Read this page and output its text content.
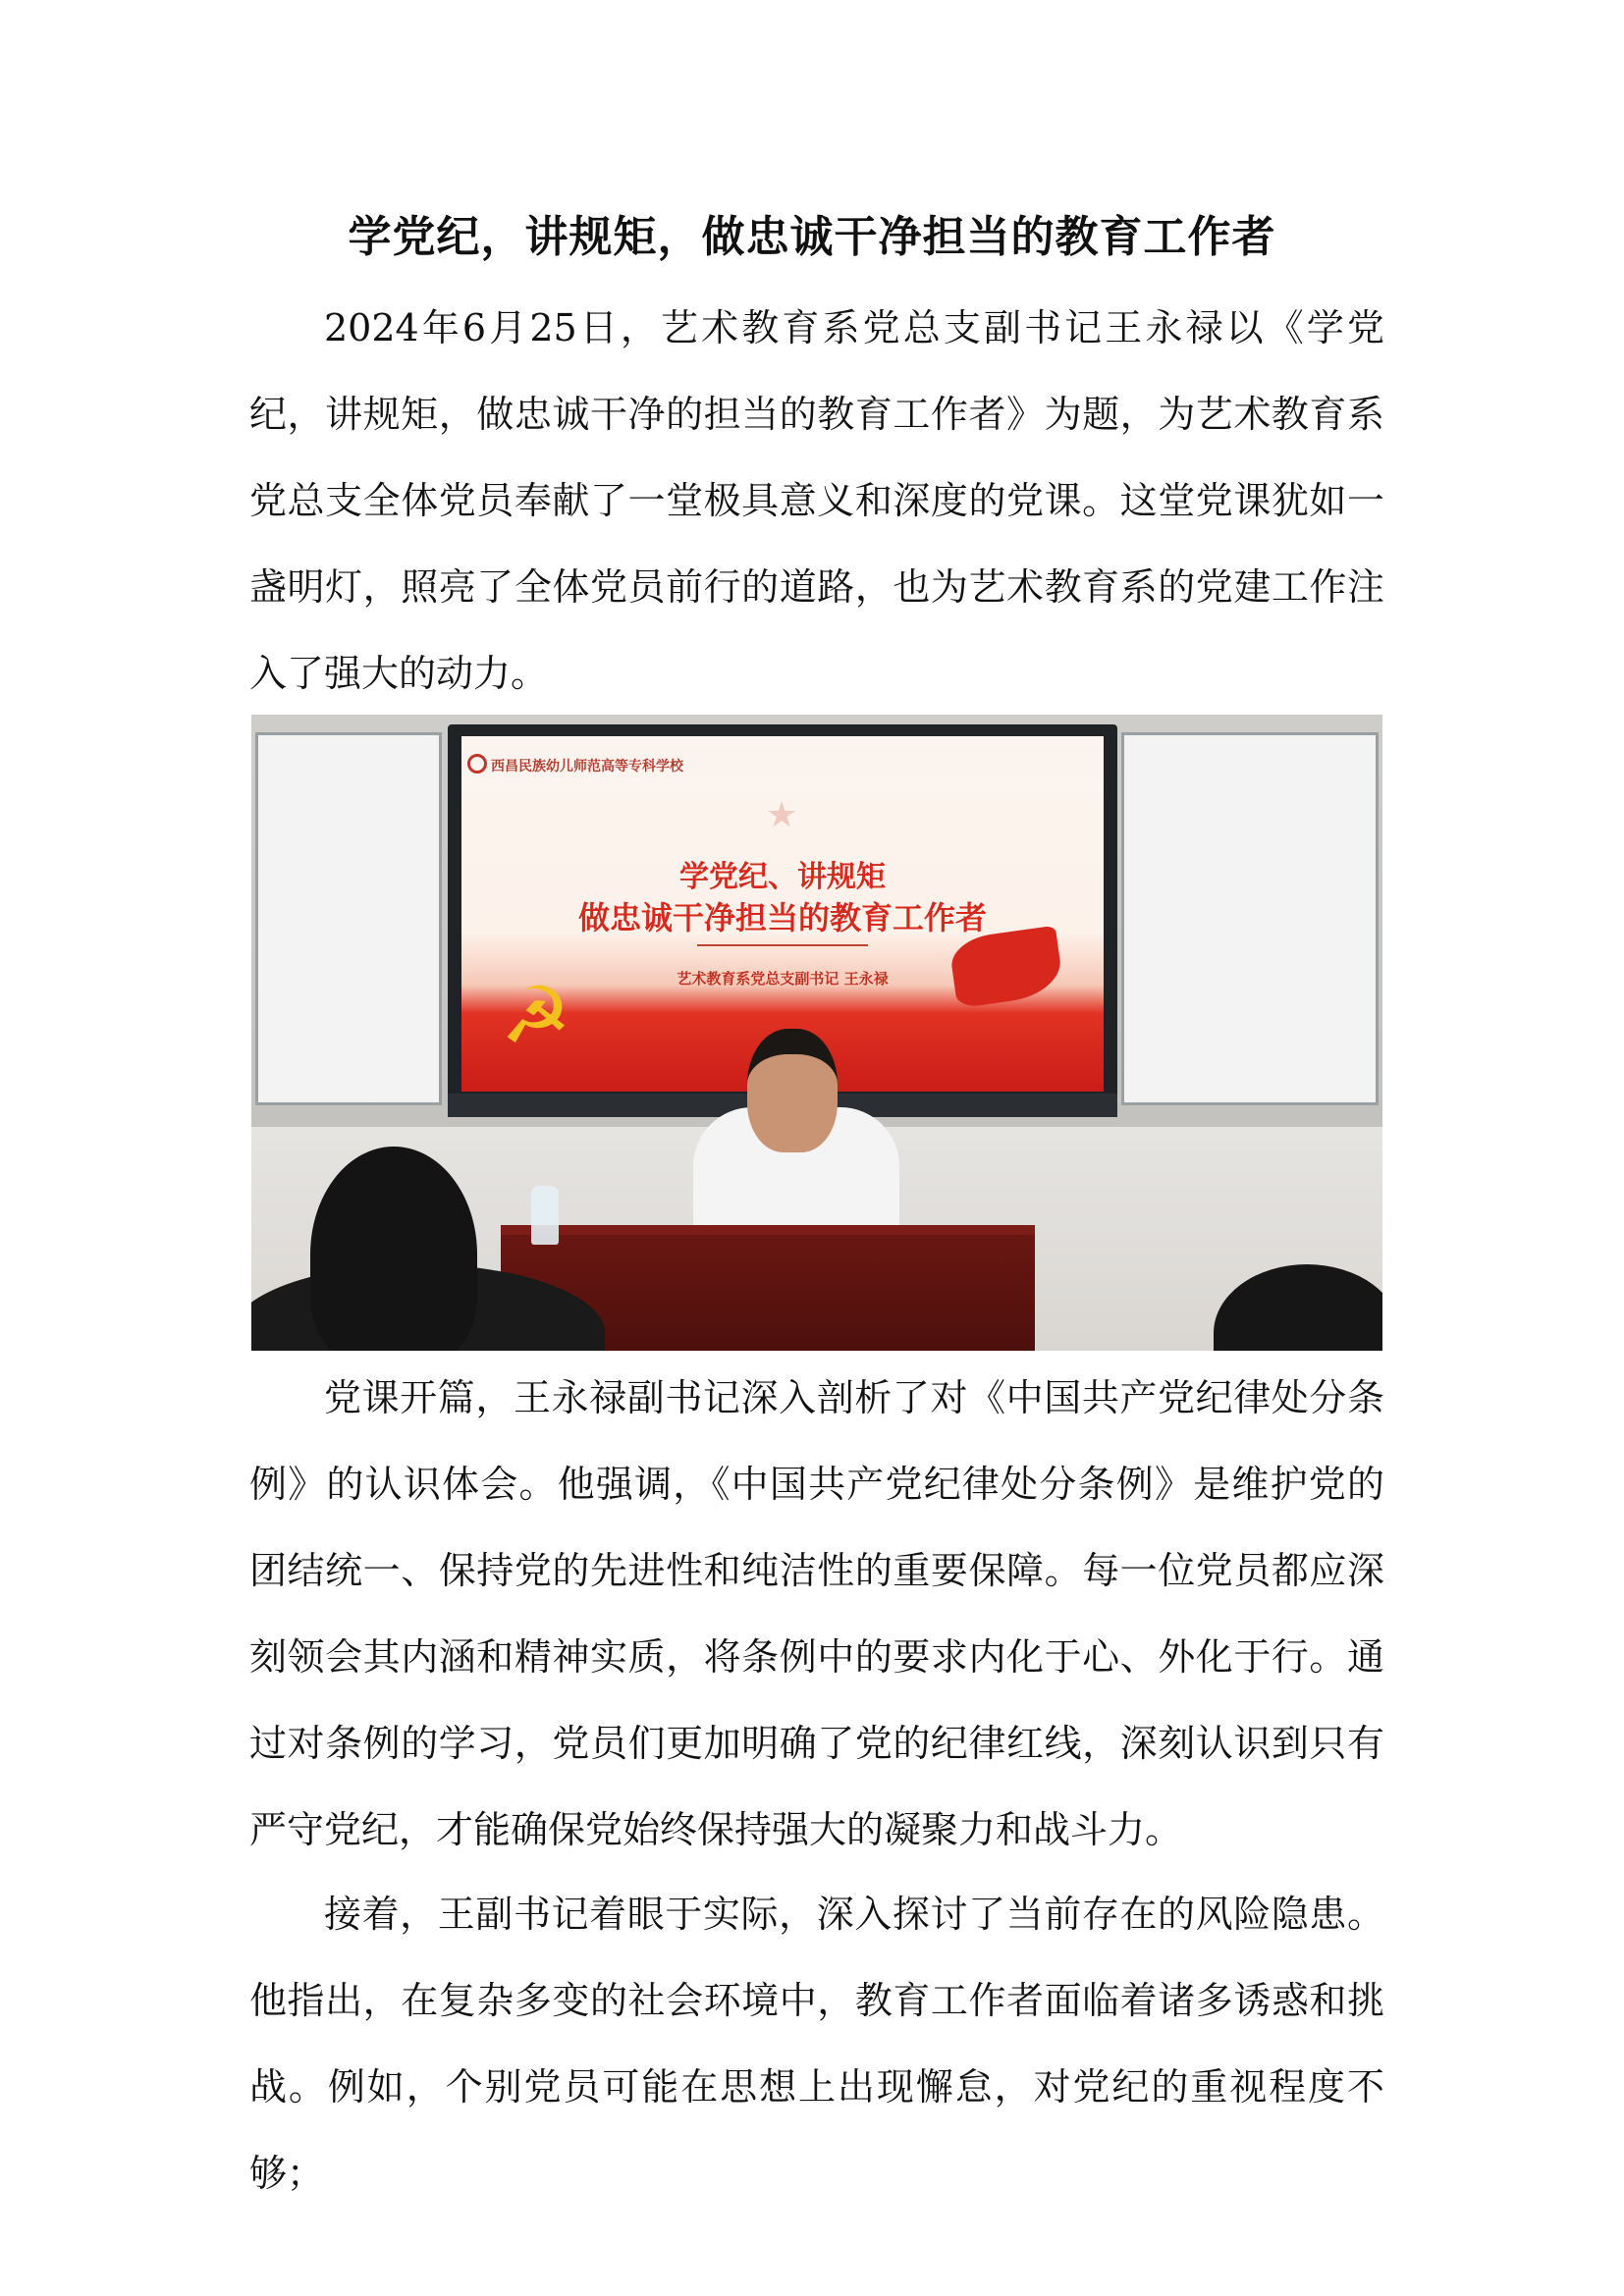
学党纪，讲规矩，做忠诚干净担当的教育工作者

2024年6月25日，艺术教育系党总支副书记王永禄以《学党纪，讲规矩，做忠诚干净的担当的教育工作者》为题，为艺术教育系党总支全体党员奉献了一堂极具意义和深度的党课。这堂党课犹如一盏明灯，照亮了全体党员前行的道路，也为艺术教育系的党建工作注入了强大的动力。

西昌民族幼儿师范高等专科学校
★
学党纪、讲规矩
做忠诚干净担当的教育工作者
艺术教育系党总支副书记 王永禄
☭

党课开篇，王永禄副书记深入剖析了对《中国共产党纪律处分条例》的认识体会。他强调，《中国共产党纪律处分条例》是维护党的团结统一、保持党的先进性和纯洁性的重要保障。每一位党员都应深刻领会其内涵和精神实质，将条例中的要求内化于心、外化于行。通过对条例的学习，党员们更加明确了党的纪律红线，深刻认识到只有严守党纪，才能确保党始终保持强大的凝聚力和战斗力。

接着，王副书记着眼于实际，深入探讨了当前存在的风险隐患。他指出，在复杂多变的社会环境中，教育工作者面临着诸多诱惑和挑战。例如，个别党员可能在思想上出现懈怠，对党纪的重视程度不够；
